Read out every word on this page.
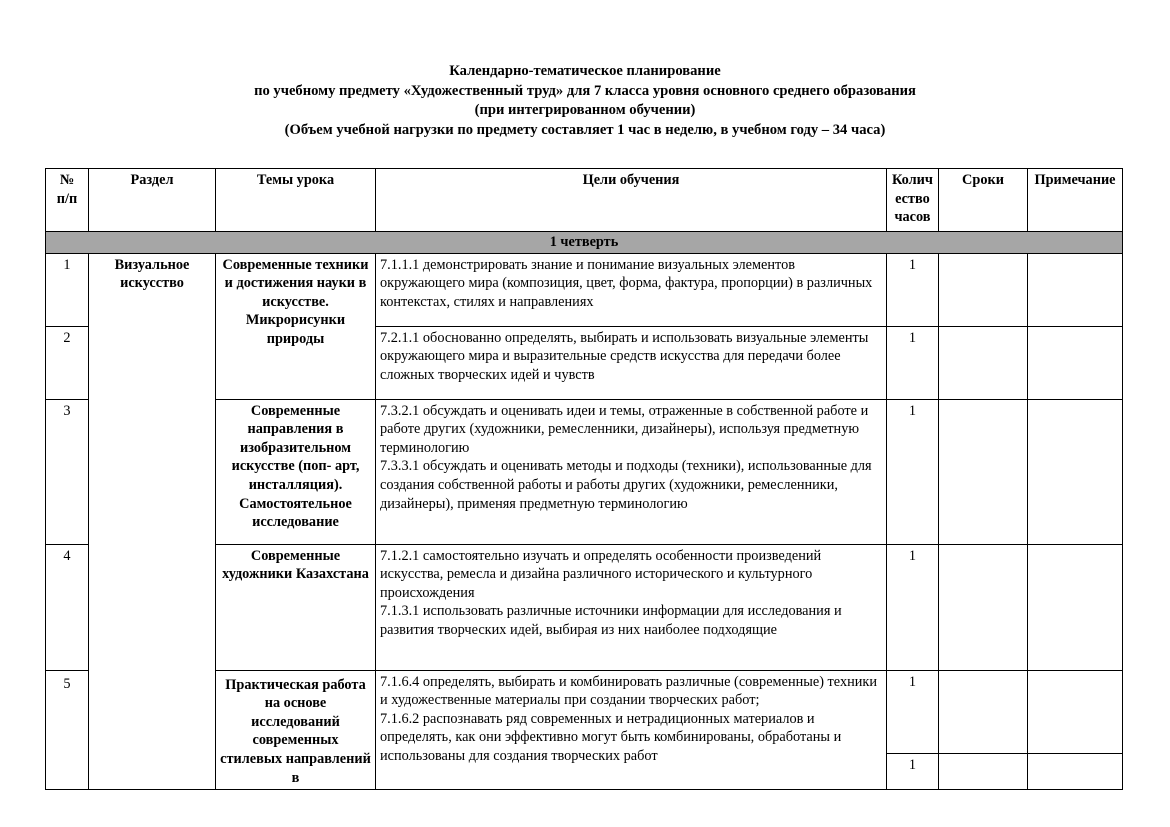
Календарно-тематическое планирование
по учебному предмету «Художественный труд» для 7 класса уровня основного среднего образования
(при интегрированном обучении)
(Объем учебной нагрузки по предмету составляет 1 час в неделю, в учебном году – 34 часа)
№
п/п	Раздел	Темы урока	Цели обучения	Колич
ество
часов	Сроки	Примечание
1 четверть						
1	Визуальное искусство	Современные техники и достижения науки в искусстве. Микрорисунки природы	7.1.1.1 демонстрировать знание и понимание визуальных элементов окружающего мира (композиция, цвет, форма, фактура, пропорции) в различных контекстах, стилях и направлениях	1		
2			7.2.1.1 обоснованно определять, выбирать и использовать визуальные элементы окружающего мира и выразительные средств искусства для передачи более сложных творческих идей и чувств	1		
3		Современные направления в изобразительном искусстве (поп- арт, инсталляция). Самостоятельное исследование	7.3.2.1 обсуждать и оценивать идеи и темы, отраженные в собственной работе и работе других (художники, ремесленники, дизайнеры), используя предметную терминологию
7.3.3.1 обсуждать и оценивать методы и подходы (техники), использованные для создания собственной работы и работы других (художники, ремесленники, дизайнеры), применяя предметную терминологию	1		
4		Современные художники Казахстана	7.1.2.1 самостоятельно изучать и определять особенности произведений искусства, ремесла и дизайна различного исторического и культурного происхождения
7.1.3.1 использовать различные источники информации для исследования и развития творческих идей, выбирая из них наиболее подходящие	1		
5		Практическая работа на основе исследований современных стилевых направлений в	7.1.6.4 определять, выбирать и комбинировать различные (современные) техники и художественные материалы при создании творческих работ;
7.1.6.2 распознавать ряд современных и нетрадиционных материалов и определять, как они эффективно могут быть комбинированы, обработаны и использованы для создания творческих работ	1		
				1		
